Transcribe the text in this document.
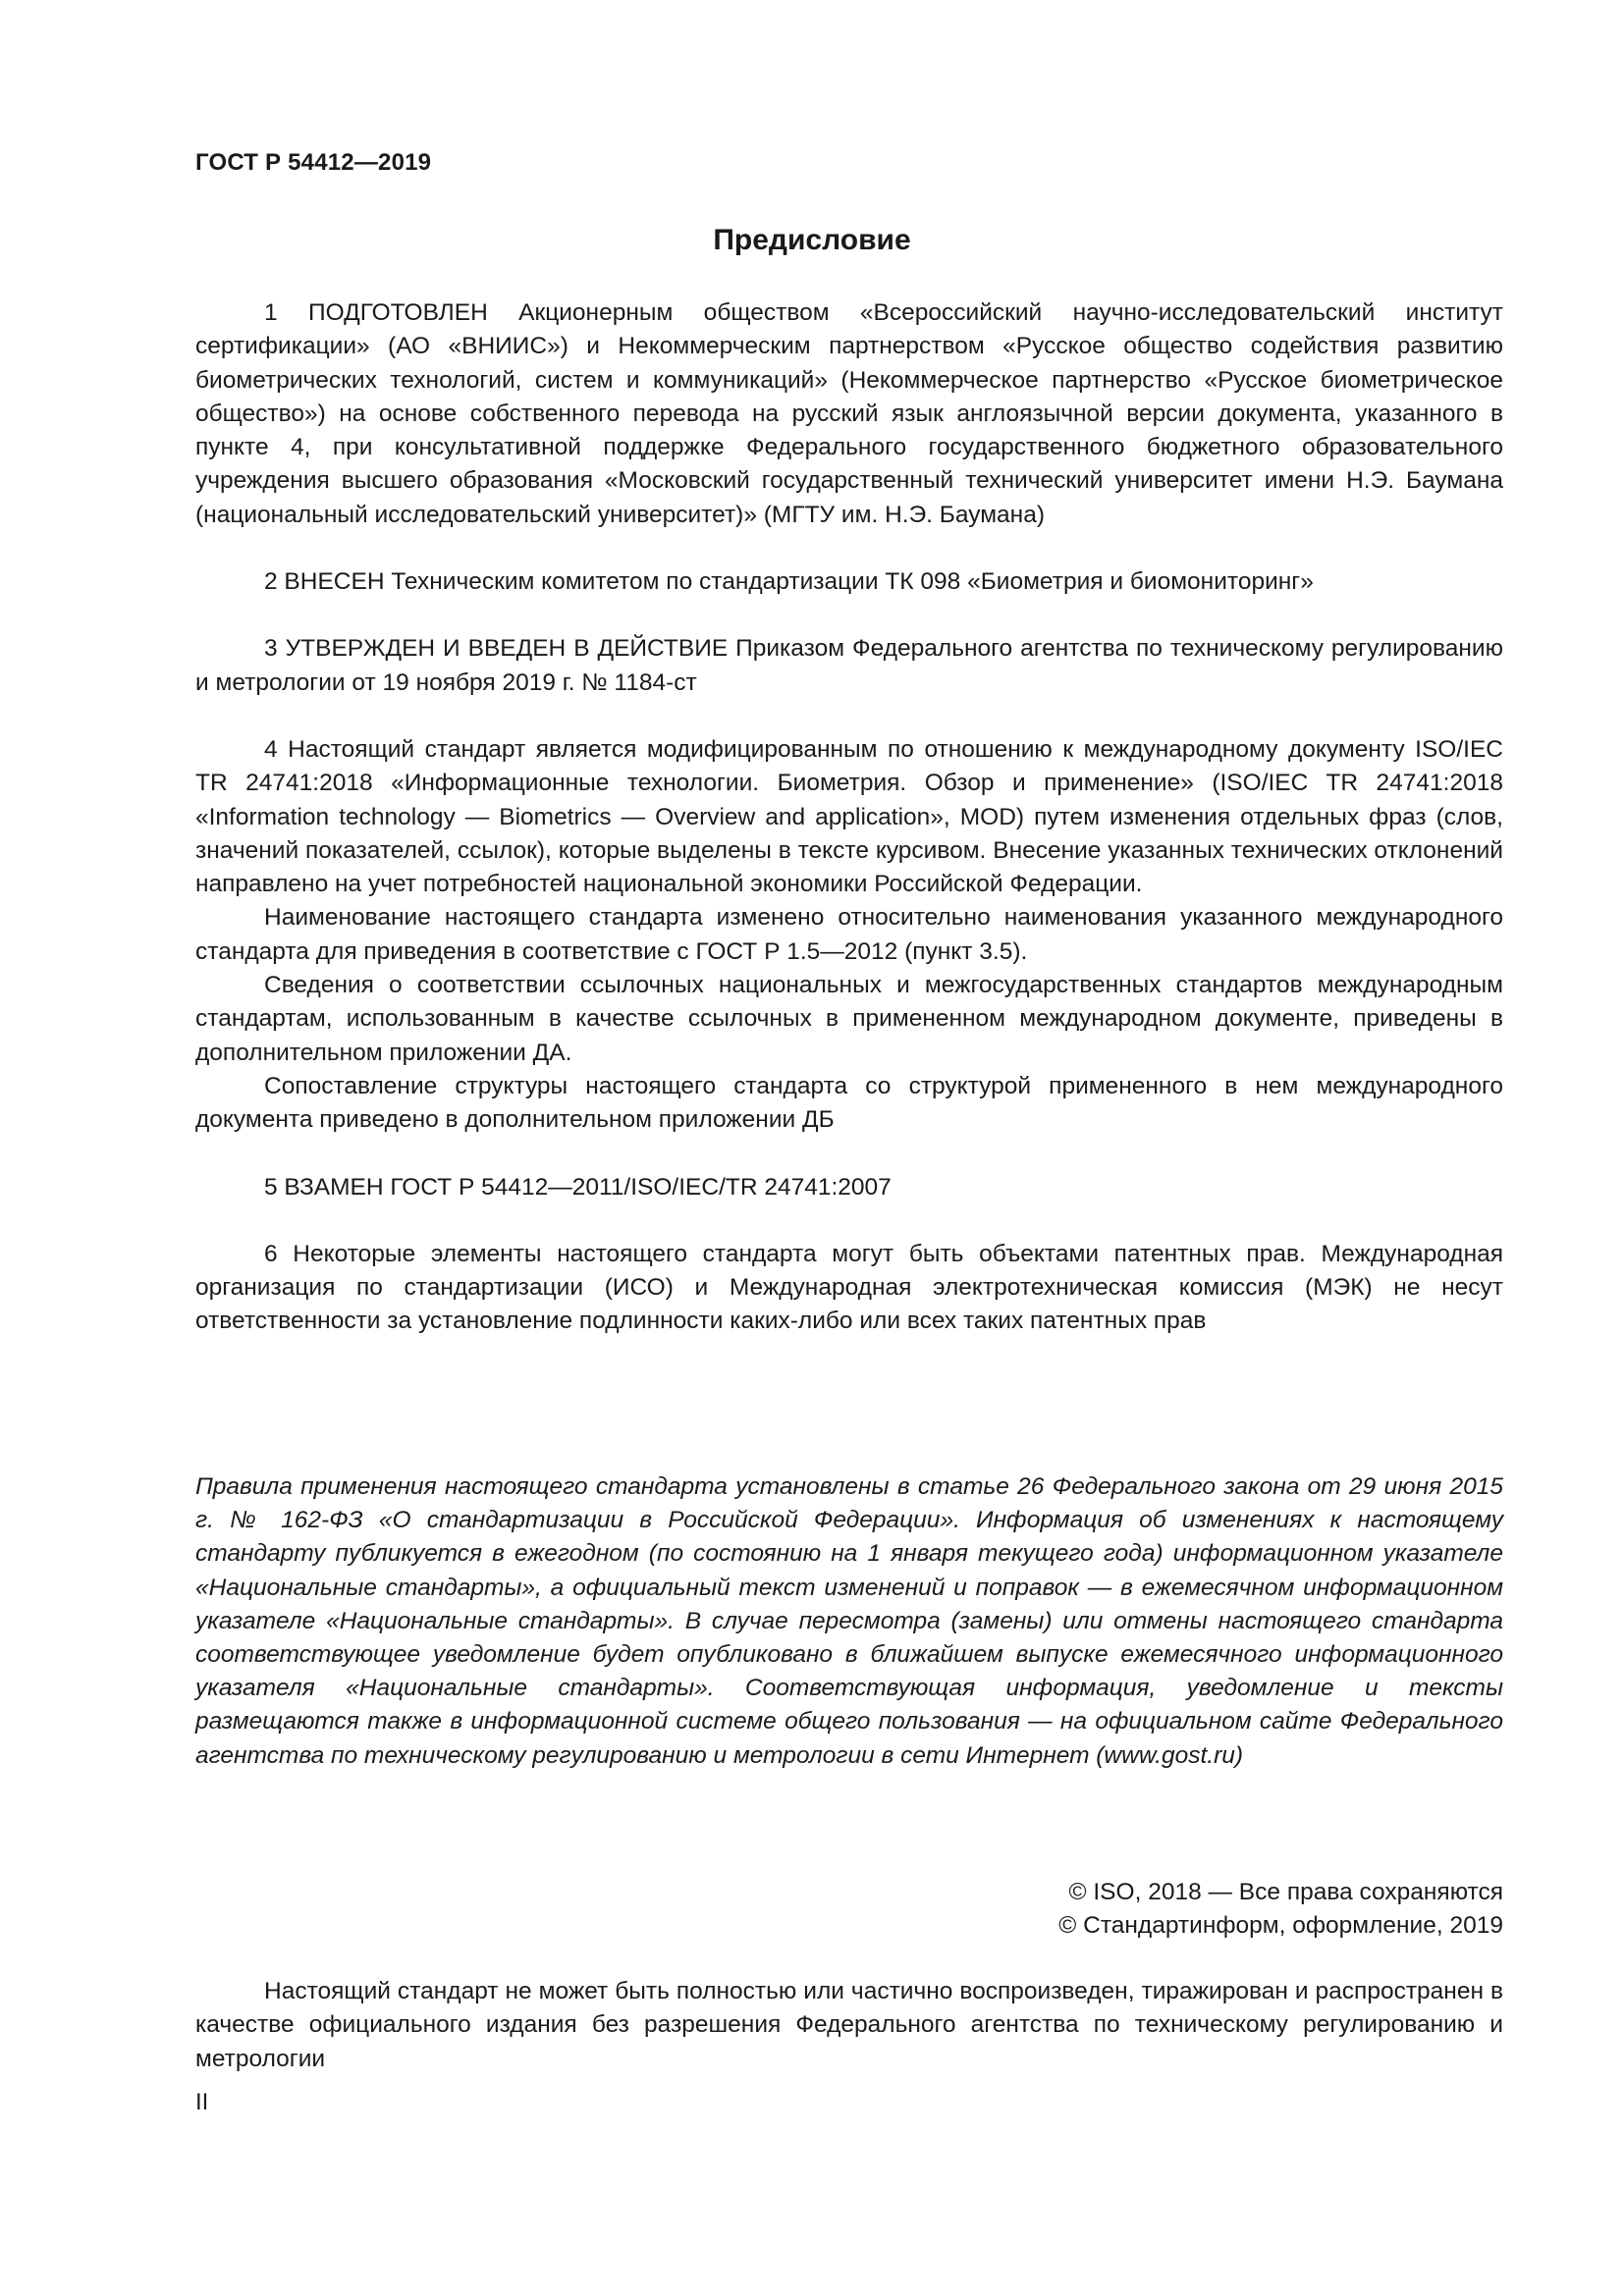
ГОСТ Р 54412—2019
Предисловие

1 ПОДГОТОВЛЕН Акционерным обществом «Всероссийский научно-исследовательский институт сертификации» (АО «ВНИИС») и Некоммерческим партнерством «Русское общество содействия развитию биометрических технологий, систем и коммуникаций» (Некоммерческое партнерство «Русское биометрическое общество») на основе собственного перевода на русский язык англоязычной версии документа, указанного в пункте 4, при консультативной поддержке Федерального государственного бюджетного образовательного учреждения высшего образования «Московский государственный технический университет имени Н.Э. Баумана (национальный исследовательский университет)» (МГТУ им. Н.Э. Баумана)

2 ВНЕСЕН Техническим комитетом по стандартизации ТК 098 «Биометрия и биомониторинг»

3 УТВЕРЖДЕН И ВВЕДЕН В ДЕЙСТВИЕ Приказом Федерального агентства по техническому регулированию и метрологии от 19 ноября 2019 г. № 1184-ст

4 Настоящий стандарт является модифицированным по отношению к международному документу ISO/IEC TR 24741:2018 «Информационные технологии. Биометрия. Обзор и применение» (ISO/IEC TR 24741:2018 «Information technology — Biometrics — Overview and application», MOD) путем изменения отдельных фраз (слов, значений показателей, ссылок), которые выделены в тексте курсивом. Внесение указанных технических отклонений направлено на учет потребностей национальной экономики Российской Федерации.

Наименование настоящего стандарта изменено относительно наименования указанного международного стандарта для приведения в соответствие с ГОСТ Р 1.5—2012 (пункт 3.5).

Сведения о соответствии ссылочных национальных и межгосударственных стандартов международным стандартам, использованным в качестве ссылочных в примененном международном документе, приведены в дополнительном приложении ДА.

Сопоставление структуры настоящего стандарта со структурой примененного в нем международного документа приведено в дополнительном приложении ДБ

5 ВЗАМЕН ГОСТ Р 54412—2011/ISO/IEC/TR 24741:2007

6 Некоторые элементы настоящего стандарта могут быть объектами патентных прав. Международная организация по стандартизации (ИСО) и Международная электротехническая комиссия (МЭК) не несут ответственности за установление подлинности каких-либо или всех таких патентных прав

Правила применения настоящего стандарта установлены в статье 26 Федерального закона от 29 июня 2015 г. № 162-ФЗ «О стандартизации в Российской Федерации». Информация об изменениях к настоящему стандарту публикуется в ежегодном (по состоянию на 1 января текущего года) информационном указателе «Национальные стандарты», а официальный текст изменений и поправок — в ежемесячном информационном указателе «Национальные стандарты». В случае пересмотра (замены) или отмены настоящего стандарта соответствующее уведомление будет опубликовано в ближайшем выпуске ежемесячного информационного указателя «Национальные стандарты». Соответствующая информация, уведомление и тексты размещаются также в информационной системе общего пользования — на официальном сайте Федерального агентства по техническому регулированию и метрологии в сети Интернет (www.gost.ru)
© ISO, 2018 — Все права сохраняются
© Стандартинформ, оформление, 2019
Настоящий стандарт не может быть полностью или частично воспроизведен, тиражирован и распространен в качестве официального издания без разрешения Федерального агентства по техническому регулированию и метрологии
II
